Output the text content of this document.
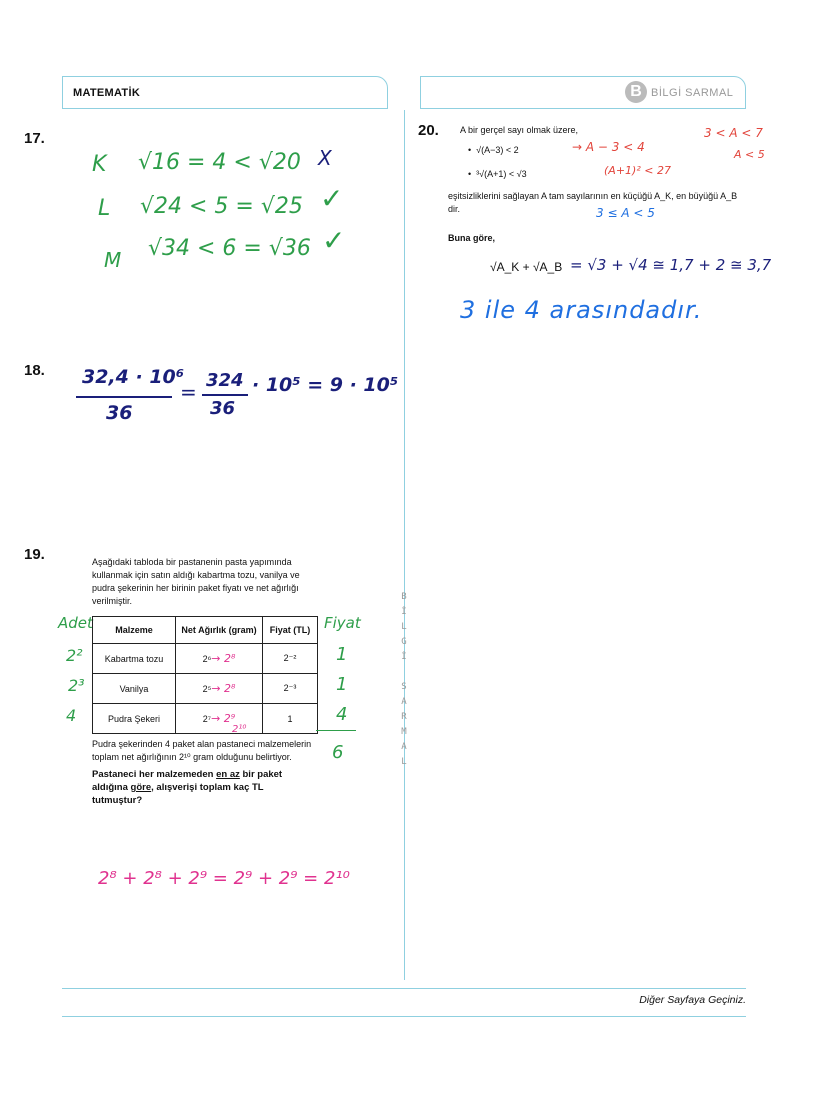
MATEMATİK	B BİLGİ SARMAL
B
İ
L
G
İ

S
A
R
M
A
L
17.
K √16 = 4 < √20 X
L √24 < 5 = √25 ✓
M √34 < 6 = √36 ✓
18. 32,4 · 10⁶
36
= 324
36
· 10⁵ = 9 · 10⁵
19.	Aşağıdaki tabloda bir pastanenin pasta yapımında kullanmak için satın aldığı kabartma tozu, vanilya ve pudra şekerinin her birinin paket fiyatı ve net ağırlığı verilmiştir.
Adet
2²
2³
4
Malzeme	Net Ağırlık (gram)	Fiyat (TL)
Kabartma tozu	2⁶→ 2⁸	2⁻²
Vanilya	2⁵→ 2⁸	2⁻³
Pudra Şekeri	2⁷→ 2⁹	1
Fiyat
1
1
4
6
2¹⁰
Pudra şekerinden 4 paket alan pastaneci malzemelerin toplam net ağırlığının 2¹⁰ gram olduğunu belirtiyor.
Pastaneci her malzemeden en az bir paket aldığına göre, alışverişi toplam kaç TL tutmuştur?
2⁸ + 2⁸ + 2⁹ = 2⁹ + 2⁹ = 2¹⁰
20. A bir gerçel sayı olmak üzere,
• √(A−3) < 2
• ³√(A+1) < √3
→ A − 3 < 4
(A+1)² < 27
3 < A < 7
A < 5
eşitsizliklerini sağlayan A tam sayılarının en küçüğü A_K, en büyüğü A_B dir.	3 ≤ A < 5
Buna göre,
√A_K + √A_B = √3 + √4 ≅ 1,7 + 2 ≅ 3,7
3 ile 4 arasındadır.
Diğer Sayfaya Geçiniz.
